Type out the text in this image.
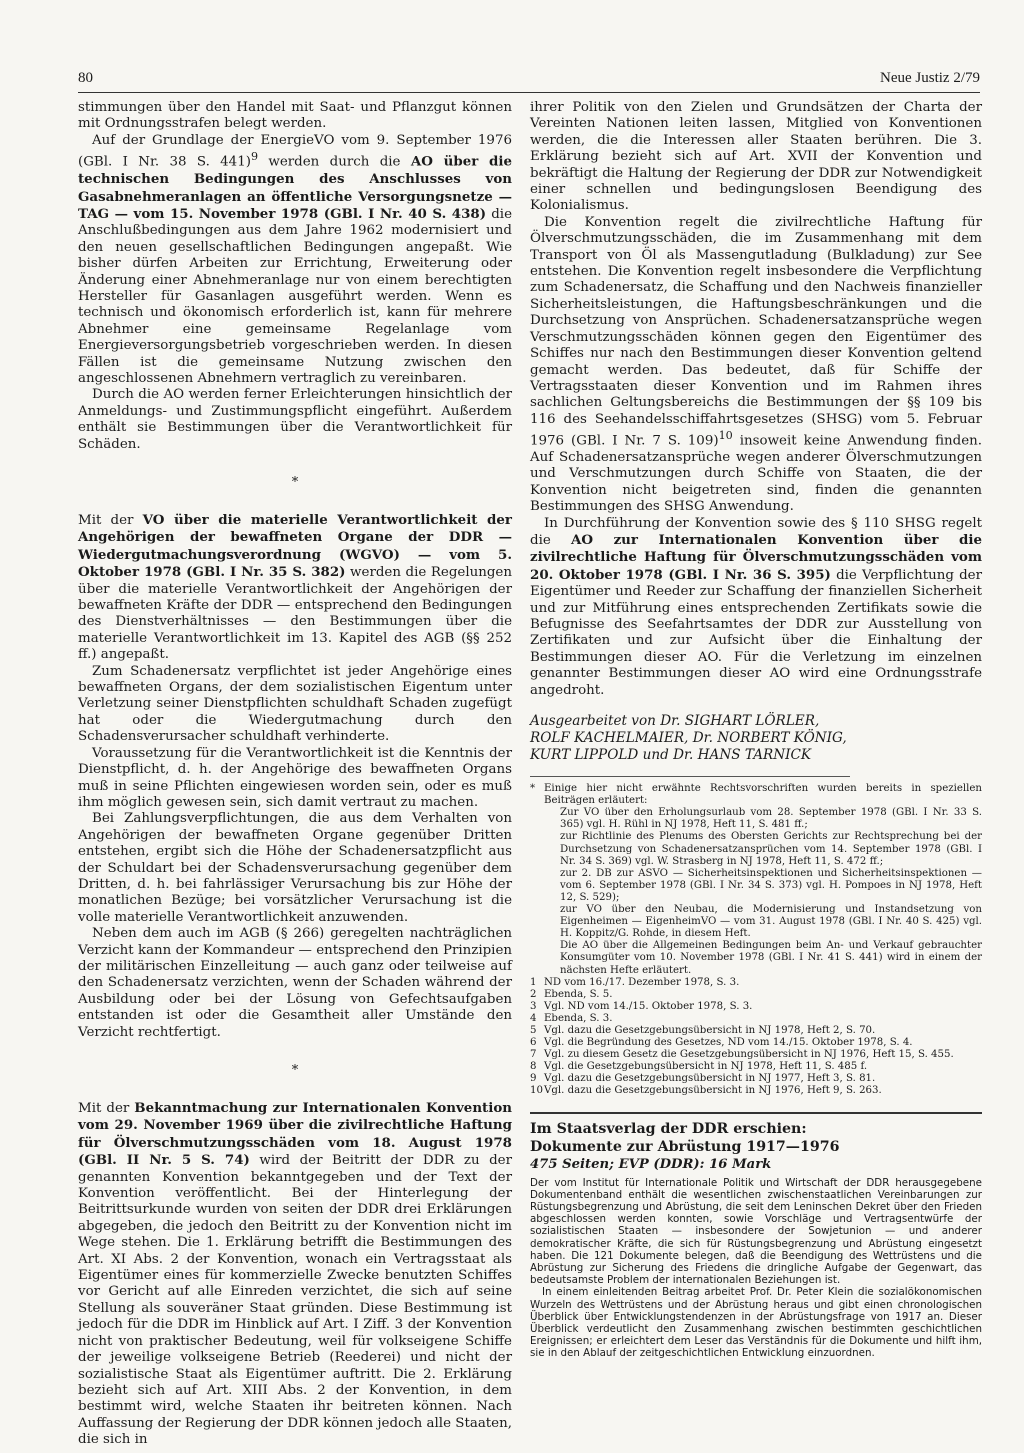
80	Neue Justiz 2/79

stimmungen über den Handel mit Saat- und Pflanzgut können mit Ordnungsstrafen belegt werden.

Auf der Grundlage der EnergieVO vom 9. September 1976 (GBl. I Nr. 38 S. 441)$^9$ werden durch die AO über die technischen Bedingungen des Anschlusses von Gasabnehmeranlagen an öffentliche Versorgungsnetze — TAG — vom 15. November 1978 (GBl. I Nr. 40 S. 438) die Anschlußbedingungen aus dem Jahre 1962 modernisiert und den neuen gesellschaftlichen Bedingungen angepaßt. Wie bisher dürfen Arbeiten zur Errichtung, Erweiterung oder Änderung einer Abnehmeranlage nur von einem berechtigten Hersteller für Gasanlagen ausgeführt werden. Wenn es technisch und ökonomisch erforderlich ist, kann für mehrere Abnehmer eine gemeinsame Regelanlage vom Energieversorgungsbetrieb vorgeschrieben werden. In diesen Fällen ist die gemeinsame Nutzung zwischen den angeschlossenen Abnehmern vertraglich zu vereinbaren.

Durch die AO werden ferner Erleichterungen hinsichtlich der Anmeldungs- und Zustimmungspflicht eingeführt. Außerdem enthält sie Bestimmungen über die Verantwortlichkeit für Schäden.

*

Mit der VO über die materielle Verantwortlichkeit der Angehörigen der bewaffneten Organe der DDR — Wiedergutmachungsverordnung (WGVO) — vom 5. Oktober 1978 (GBl. I Nr. 35 S. 382) werden die Regelungen über die materielle Verantwortlichkeit der Angehörigen der bewaffneten Kräfte der DDR — entsprechend den Bedingungen des Dienstverhältnisses — den Bestimmungen über die materielle Verantwortlichkeit im 13. Kapitel des AGB (§§ 252 ff.) angepaßt.

Zum Schadenersatz verpflichtet ist jeder Angehörige eines bewaffneten Organs, der dem sozialistischen Eigentum unter Verletzung seiner Dienstpflichten schuldhaft Schaden zugefügt hat oder die Wiedergutmachung durch den Schadensverursacher schuldhaft verhinderte.

Voraussetzung für die Verantwortlichkeit ist die Kenntnis der Dienstpflicht, d. h. der Angehörige des bewaffneten Organs muß in seine Pflichten eingewiesen worden sein, oder es muß ihm möglich gewesen sein, sich damit vertraut zu machen.

Bei Zahlungsverpflichtungen, die aus dem Verhalten von Angehörigen der bewaffneten Organe gegenüber Dritten entstehen, ergibt sich die Höhe der Schadenersatzpflicht aus der Schuldart bei der Schadensverursachung gegenüber dem Dritten, d. h. bei fahrlässiger Verursachung bis zur Höhe der monatlichen Bezüge; bei vorsätzlicher Verursachung ist die volle materielle Verantwortlichkeit anzuwenden.

Neben dem auch im AGB (§ 266) geregelten nachträglichen Verzicht kann der Kommandeur — entsprechend den Prinzipien der militärischen Einzelleitung — auch ganz oder teilweise auf den Schadenersatz verzichten, wenn der Schaden während der Ausbildung oder bei der Lösung von Gefechtsaufgaben entstanden ist oder die Gesamtheit aller Umstände den Verzicht rechtfertigt.

*

Mit der Bekanntmachung zur Internationalen Konvention vom 29. November 1969 über die zivilrechtliche Haftung für Ölverschmutzungsschäden vom 18. August 1978 (GBl. II Nr. 5 S. 74) wird der Beitritt der DDR zu der genannten Konvention bekanntgegeben und der Text der Konvention veröffentlicht. Bei der Hinterlegung der Beitrittsurkunde wurden von seiten der DDR drei Erklärungen abgegeben, die jedoch den Beitritt zu der Konvention nicht im Wege stehen. Die 1. Erklärung betrifft die Bestimmungen des Art. XI Abs. 2 der Konvention, wonach ein Vertragsstaat als Eigentümer eines für kommerzielle Zwecke benutzten Schiffes vor Gericht auf alle Einreden verzichtet, die sich auf seine Stellung als souveräner Staat gründen. Diese Bestimmung ist jedoch für die DDR im Hinblick auf Art. I Ziff. 3 der Konvention nicht von praktischer Bedeutung, weil für volkseigene Schiffe der jeweilige volkseigene Betrieb (Reederei) und nicht der sozialistische Staat als Eigentümer auftritt. Die 2. Erklärung bezieht sich auf Art. XIII Abs. 2 der Konvention, in dem bestimmt wird, welche Staaten ihr beitreten können. Nach Auffassung der Regierung der DDR können jedoch alle Staaten, die sich in

ihrer Politik von den Zielen und Grundsätzen der Charta der Vereinten Nationen leiten lassen, Mitglied von Konventionen werden, die die Interessen aller Staaten berühren. Die 3. Erklärung bezieht sich auf Art. XVII der Konvention und bekräftigt die Haltung der Regierung der DDR zur Notwendigkeit einer schnellen und bedingungslosen Beendigung des Kolonialismus.

Die Konvention regelt die zivilrechtliche Haftung für Ölverschmutzungsschäden, die im Zusammenhang mit dem Transport von Öl als Massengutladung (Bulkladung) zur See entstehen. Die Konvention regelt insbesondere die Verpflichtung zum Schadenersatz, die Schaffung und den Nachweis finanzieller Sicherheitsleistungen, die Haftungsbeschränkungen und die Durchsetzung von Ansprüchen. Schadenersatzansprüche wegen Verschmutzungsschäden können gegen den Eigentümer des Schiffes nur nach den Bestimmungen dieser Konvention geltend gemacht werden. Das bedeutet, daß für Schiffe der Vertragsstaaten dieser Konvention und im Rahmen ihres sachlichen Geltungsbereichs die Bestimmungen der §§ 109 bis 116 des Seehandelsschiffahrtsgesetzes (SHSG) vom 5. Februar 1976 (GBl. I Nr. 7 S. 109)$^{10}$ insoweit keine Anwendung finden. Auf Schadenersatzansprüche wegen anderer Ölverschmutzungen und Verschmutzungen durch Schiffe von Staaten, die der Konvention nicht beigetreten sind, finden die genannten Bestimmungen des SHSG Anwendung.

In Durchführung der Konvention sowie des § 110 SHSG regelt die AO zur Internationalen Konvention über die zivilrechtliche Haftung für Ölverschmutzungsschäden vom 20. Oktober 1978 (GBl. I Nr. 36 S. 395) die Verpflichtung der Eigentümer und Reeder zur Schaffung der finanziellen Sicherheit und zur Mitführung eines entsprechenden Zertifikats sowie die Befugnisse des Seefahrtsamtes der DDR zur Ausstellung von Zertifikaten und zur Aufsicht über die Einhaltung der Bestimmungen dieser AO. Für die Verletzung im einzelnen genannter Bestimmungen dieser AO wird eine Ordnungsstrafe angedroht.

Ausgearbeitet von Dr. SIGHART LÖRLER,
ROLF KACHELMAIER, Dr. NORBERT KÖNIG,
KURT LIPPOLD und Dr. HANS TARNICK
* Einige hier nicht erwähnte Rechtsvorschriften wurden bereits in speziellen Beiträgen erläutert:
Zur VO über den Erholungsurlaub vom 28. September 1978 (GBl. I Nr. 33 S. 365) vgl. H. Rühl in NJ 1978, Heft 11, S. 481 ff.;
zur Richtlinie des Plenums des Obersten Gerichts zur Rechtsprechung bei der Durchsetzung von Schadenersatzansprüchen vom 14. September 1978 (GBl. I Nr. 34 S. 369) vgl. W. Strasberg in NJ 1978, Heft 11, S. 472 ff.;
zur 2. DB zur ASVO — Sicherheitsinspektionen und Sicherheitsinspektionen — vom 6. September 1978 (GBl. I Nr. 34 S. 373) vgl. H. Pompoes in NJ 1978, Heft 12, S. 529);
zur VO über den Neubau, die Modernisierung und Instandsetzung von Eigenheimen — EigenheimVO — vom 31. August 1978 (GBl. I Nr. 40 S. 425) vgl. H. Koppitz/G. Rohde, in diesem Heft.
Die AO über die Allgemeinen Bedingungen beim An- und Verkauf gebrauchter Konsumgüter vom 10. November 1978 (GBl. I Nr. 41 S. 441) wird in einem der nächsten Hefte erläutert.
1 ND vom 16./17. Dezember 1978, S. 3.
2 Ebenda, S. 5.
3 Vgl. ND vom 14./15. Oktober 1978, S. 3.
4 Ebenda, S. 3.
5 Vgl. dazu die Gesetzgebungsübersicht in NJ 1978, Heft 2, S. 70.
6 Vgl. die Begründung des Gesetzes, ND vom 14./15. Oktober 1978, S. 4.
7 Vgl. zu diesem Gesetz die Gesetzgebungsübersicht in NJ 1976, Heft 15, S. 455.
8 Vgl. die Gesetzgebungsübersicht in NJ 1978, Heft 11, S. 485 f.
9 Vgl. dazu die Gesetzgebungsübersicht in NJ 1977, Heft 3, S. 81.
10 Vgl. dazu die Gesetzgebungsübersicht in NJ 1976, Heft 9, S. 263.

Im Staatsverlag der DDR erschien:

Dokumente zur Abrüstung 1917—1976

475 Seiten; EVP (DDR): 16 Mark

Der vom Institut für Internationale Politik und Wirtschaft der DDR herausgegebene Dokumentenband enthält die wesentlichen zwischenstaatlichen Vereinbarungen zur Rüstungsbegrenzung und Abrüstung, die seit dem Leninschen Dekret über den Frieden abgeschlossen werden konnten, sowie Vorschläge und Vertragsentwürfe der sozialistischen Staaten — insbesondere der Sowjetunion — und anderer demokratischer Kräfte, die sich für Rüstungsbegrenzung und Abrüstung eingesetzt haben. Die 121 Dokumente belegen, daß die Beendigung des Wettrüstens und die Abrüstung zur Sicherung des Friedens die dringliche Aufgabe der Gegenwart, das bedeutsamste Problem der internationalen Beziehungen ist.

In einem einleitenden Beitrag arbeitet Prof. Dr. Peter Klein die sozialökonomischen Wurzeln des Wettrüstens und der Abrüstung heraus und gibt einen chronologischen Überblick über Entwicklungstendenzen in der Abrüstungsfrage von 1917 an. Dieser Überblick verdeutlicht den Zusammenhang zwischen bestimmten geschichtlichen Ereignissen; er erleichtert dem Leser das Verständnis für die Dokumente und hilft ihm, sie in den Ablauf der zeitgeschichtlichen Entwicklung einzuordnen.
